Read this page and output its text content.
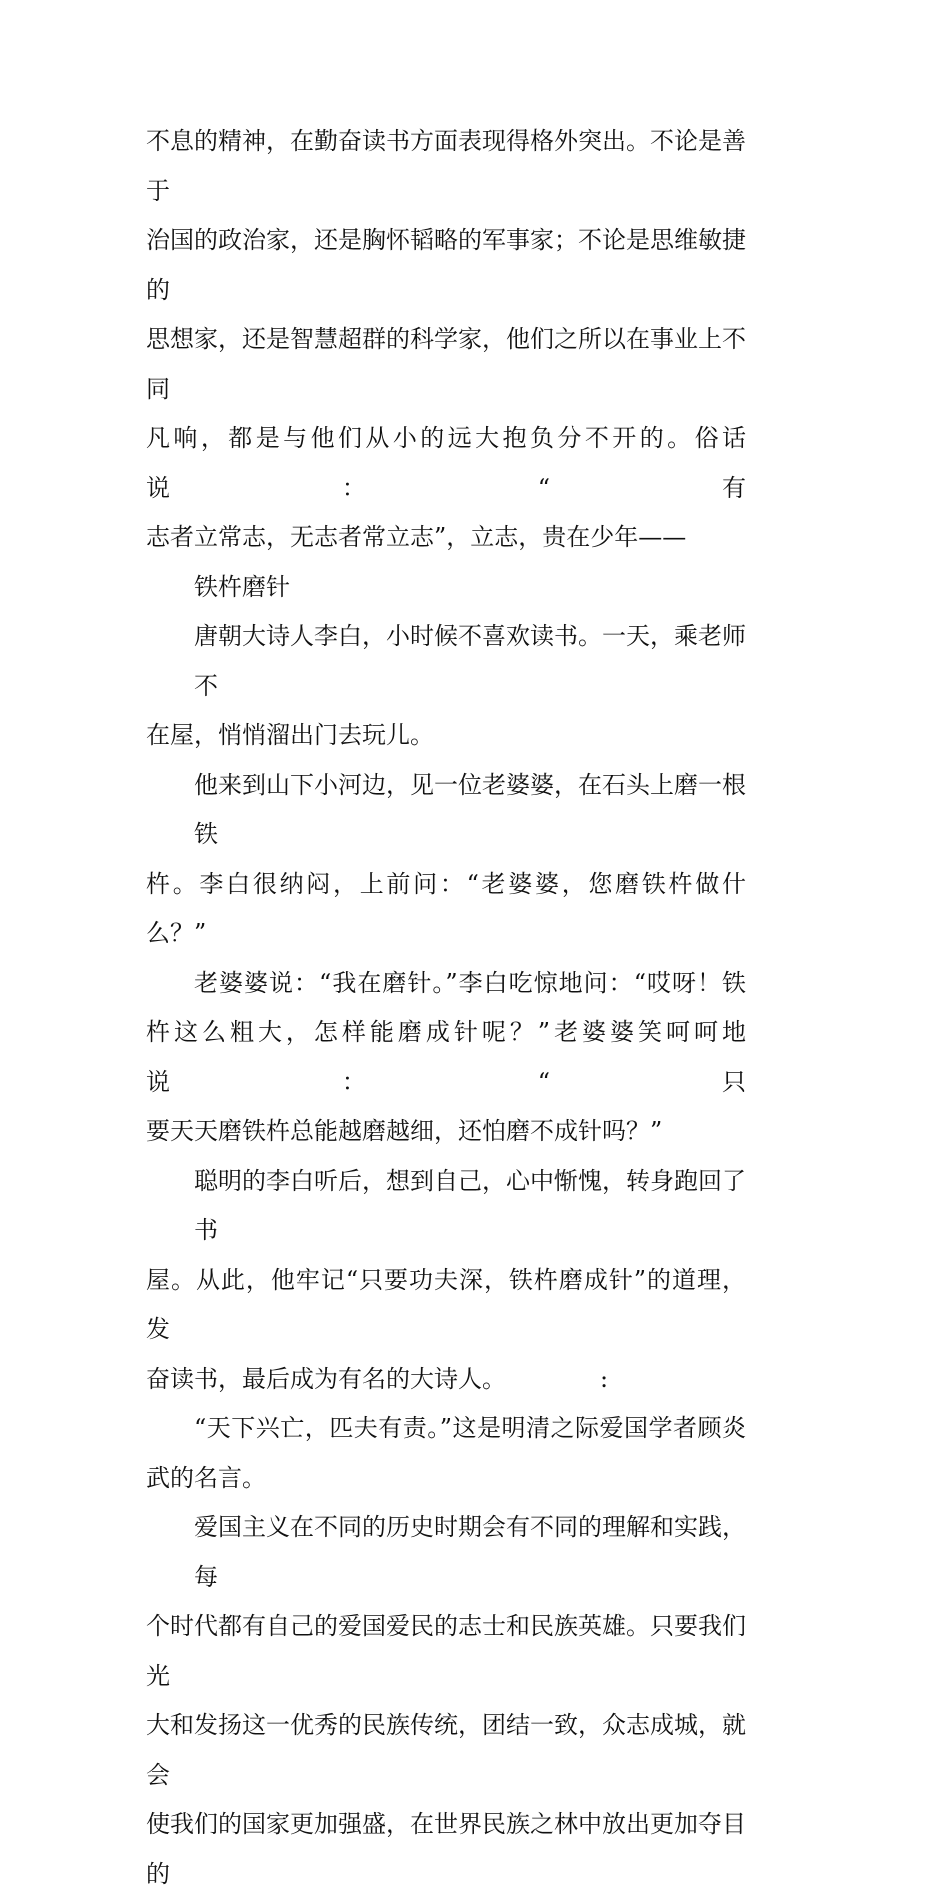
不息的精神，在勤奋读书方面表现得格外突出。不论是善于
治国的政治家，还是胸怀韬略的军事家；不论是思维敏捷的
思想家，还是智慧超群的科学家，他们之所以在事业上不同
凡响，都是与他们从小的远大抱负分不开的。俗话说：“有
志者立常志，无志者常立志”，立志，贵在少年——

铁杵磨针

唐朝大诗人李白，小时候不喜欢读书。一天，乘老师不
在屋，悄悄溜出门去玩儿。

他来到山下小河边，见一位老婆婆，在石头上磨一根铁
杵。李白很纳闷，上前问：“老婆婆，您磨铁杵做什么？”

老婆婆说：“我在磨针。”李白吃惊地问：“哎呀！铁
杵这么粗大，怎样能磨成针呢？”老婆婆笑呵呵地说：“只
要天天磨铁杵总能越磨越细，还怕磨不成针吗？”

聪明的李白听后，想到自己，心中惭愧，转身跑回了书
屋。从此，他牢记“只要功夫深，铁杵磨成针”的道理，发
奋读书，最后成为有名的大诗人。	:

“天下兴亡，匹夫有责。”这是明清之际爱国学者顾炎
武的名言。

爱国主义在不同的历史时期会有不同的理解和实践，每
个时代都有自己的爱国爱民的志士和民族英雄。只要我们光
大和发扬这一优秀的民族传统，团结一致，众志成城，就会
使我们的国家更加强盛，在世界民族之林中放出更加夺目的
